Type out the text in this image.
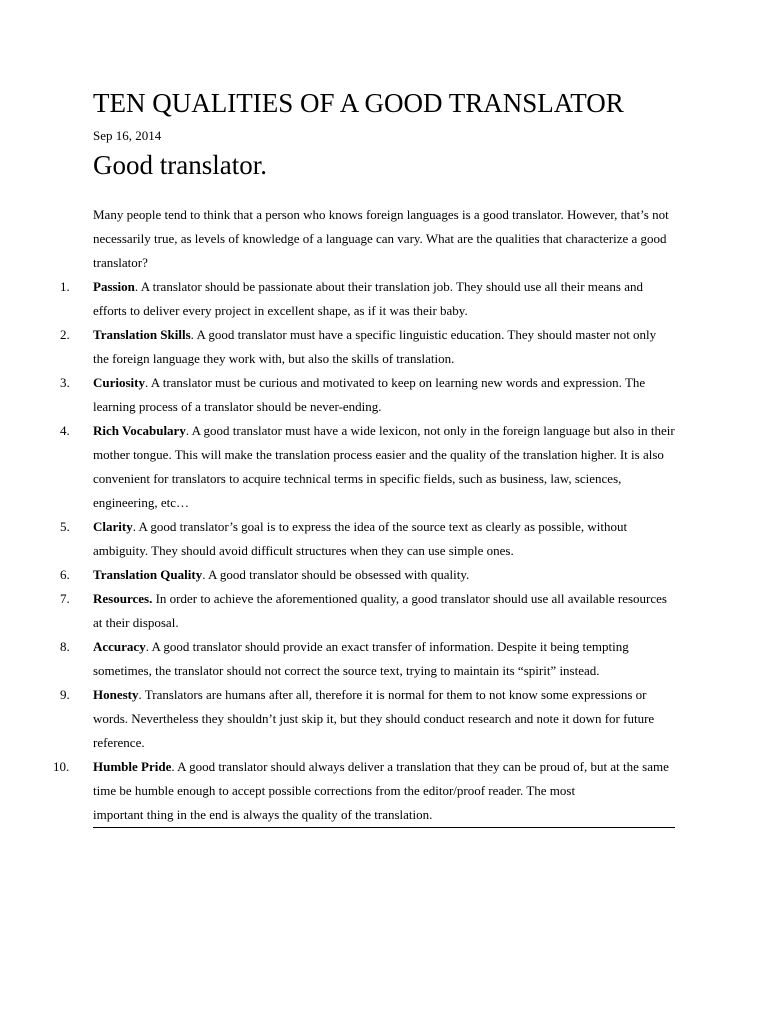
TEN QUALITIES OF A GOOD TRANSLATOR
Sep 16, 2014
Good translator.

Many people tend to think that a person who knows foreign languages is a good translator. However, that’s not necessarily true, as levels of knowledge of a language can vary. What are the qualities that characterize a good translator?

1.	Passion. A translator should be passionate about their translation job. They should use all their means and efforts to deliver every project in excellent shape, as if it was their baby.
2.	Translation Skills. A good translator must have a specific linguistic education. They should master not only the foreign language they work with, but also the skills of translation.
3.	Curiosity. A translator must be curious and motivated to keep on learning new words and expression. The learning process of a translator should be never-ending.
4.	Rich Vocabulary. A good translator must have a wide lexicon, not only in the foreign language but also in their mother tongue. This will make the translation process easier and the quality of the translation higher. It is also convenient for translators to acquire technical terms in specific fields, such as business, law, sciences, engineering, etc…
5.	Clarity. A good translator’s goal is to express the idea of the source text as clearly as possible, without ambiguity. They should avoid difficult structures when they can use simple ones.
6.	Translation Quality. A good translator should be obsessed with quality.
7.	Resources. In order to achieve the aforementioned quality, a good translator should use all available resources at their disposal.
8.	Accuracy. A good translator should provide an exact transfer of information. Despite it being tempting sometimes, the translator should not correct the source text, trying to maintain its “spirit” instead.
9.	Honesty. Translators are humans after all, therefore it is normal for them to not know some expressions or words. Nevertheless they shouldn’t just skip it, but they should conduct research and note it down for future reference.
10.	Humble Pride. A good translator should always deliver a translation that they can be proud of, but at the same time be humble enough to accept possible corrections from the editor/proof reader. The most
important thing in the end is always the quality of the translation.
